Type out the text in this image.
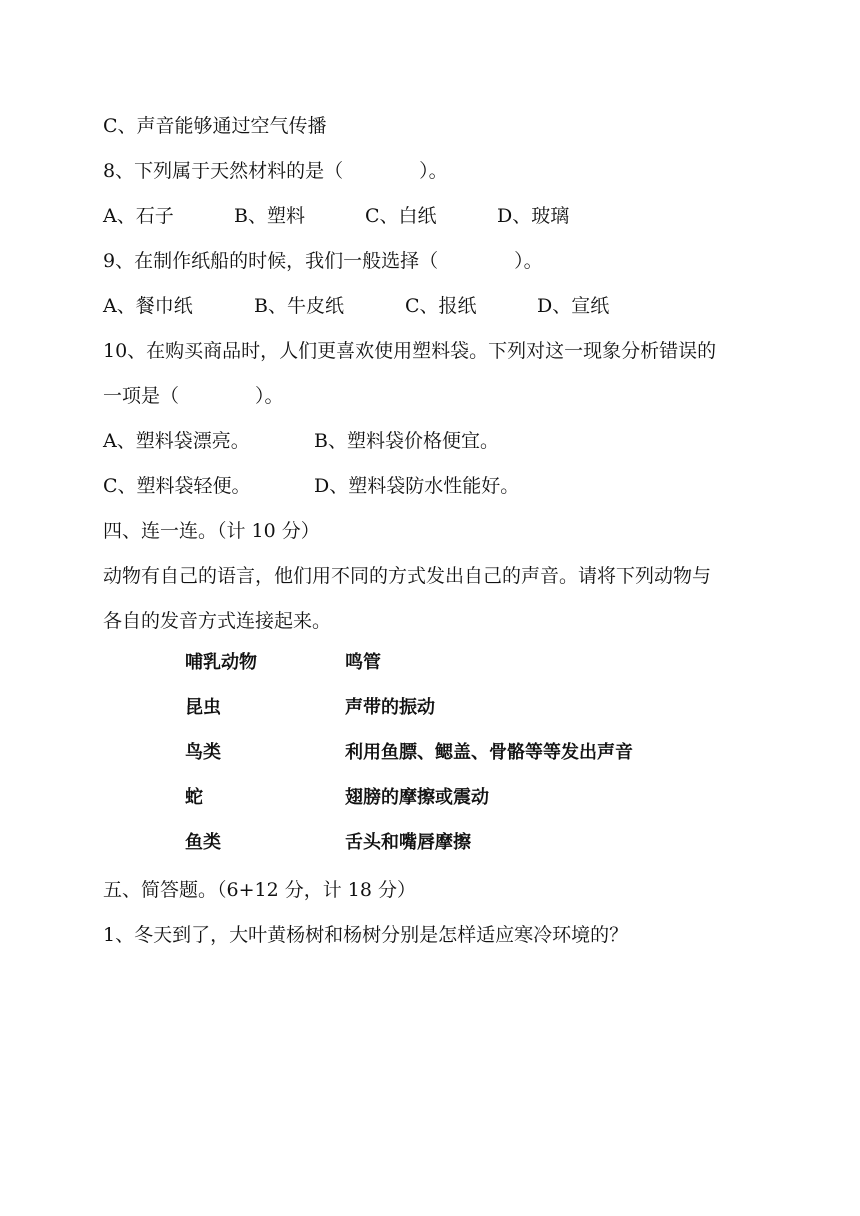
C、声音能够通过空气传播
8、下列属于天然材料的是（　　　　）。
A、石子	B、塑料	C、白纸	D、玻璃
9、在制作纸船的时候，我们一般选择（　　　　）。
A、餐巾纸	B、牛皮纸	C、报纸	D、宣纸
10、在购买商品时，人们更喜欢使用塑料袋。下列对这一现象分析错误的
一项是（　　　　）。
A、塑料袋漂亮。	B、塑料袋价格便宜。
C、塑料袋轻便。	D、塑料袋防水性能好。
四、连一连。（计 10 分）
动物有自己的语言，他们用不同的方式发出自己的声音。请将下列动物与
各自的发音方式连接起来。
哺乳动物	鸣管
昆虫	声带的振动
鸟类	利用鱼膘、鳃盖、骨骼等等发出声音
蛇	翅膀的摩擦或震动
鱼类	舌头和嘴唇摩擦
五、简答题。（6+12 分，计 18 分）
1、冬天到了，大叶黄杨树和杨树分别是怎样适应寒冷环境的？
